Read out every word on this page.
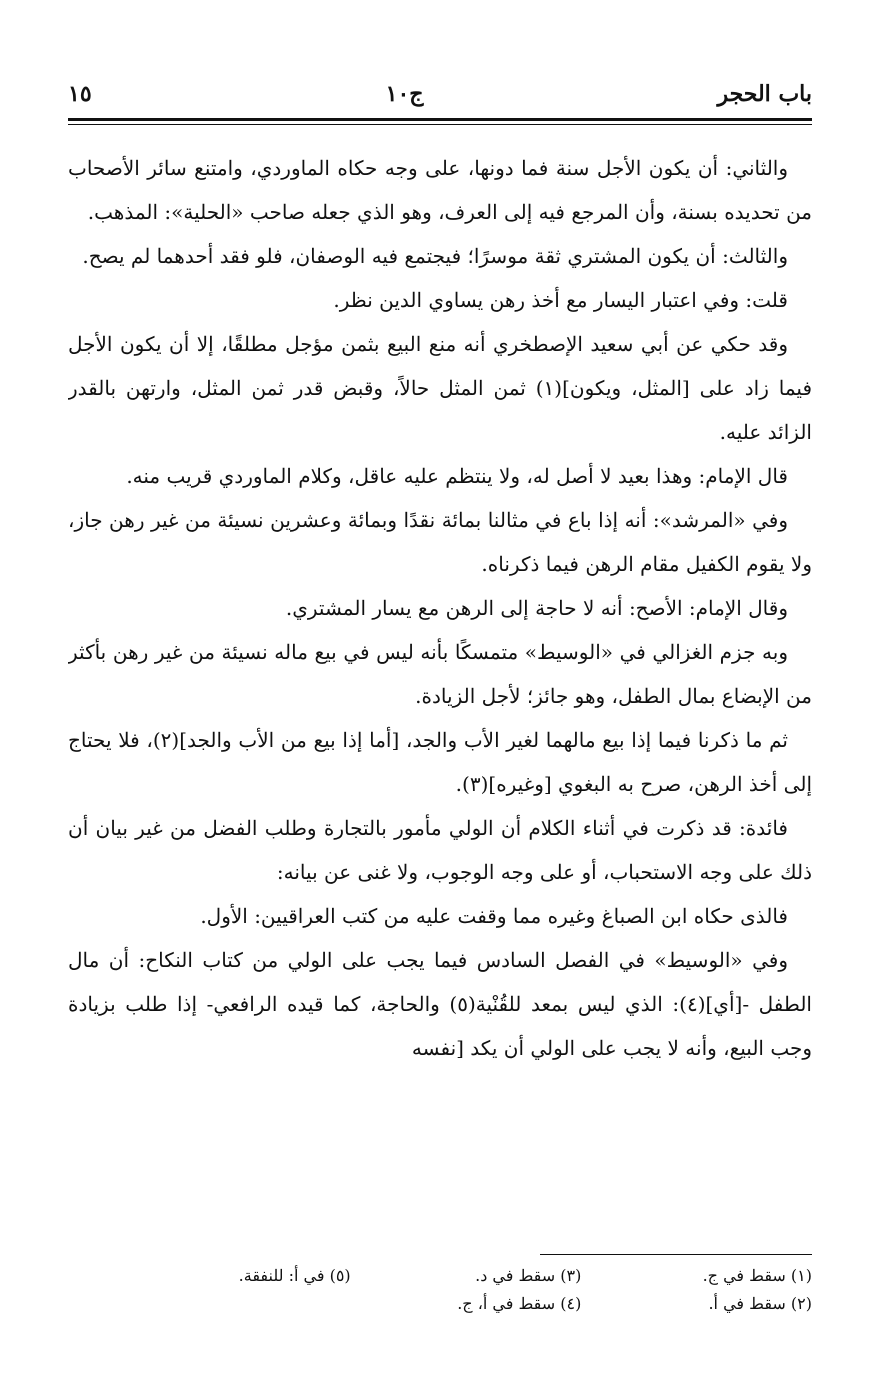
باب الحجر
ج١٠
١٥

والثاني: أن يكون الأجل سنة فما دونها، على وجه حكاه الماوردي، وامتنع سائر الأصحاب من تحديده بسنة، وأن المرجع فيه إلى العرف، وهو الذي جعله صاحب «الحلية»: المذهب.

والثالث: أن يكون المشتري ثقة موسرًا؛ فيجتمع فيه الوصفان، فلو فقد أحدهما لم يصح.

قلت: وفي اعتبار اليسار مع أخذ رهن يساوي الدين نظر.

وقد حكي عن أبي سعيد الإصطخري أنه منع البيع بثمن مؤجل مطلقًا، إلا أن يكون الأجل فيما زاد على [المثل، ويكون](١) ثمن المثل حالاً، وقبض قدر ثمن المثل، وارتهن بالقدر الزائد عليه.

قال الإمام: وهذا بعيد لا أصل له، ولا ينتظم عليه عاقل، وكلام الماوردي قريب منه.

وفي «المرشد»: أنه إذا باع في مثالنا بمائة نقدًا وبمائة وعشرين نسيئة من غير رهن جاز، ولا يقوم الكفيل مقام الرهن فيما ذكرناه.

وقال الإمام: الأصح: أنه لا حاجة إلى الرهن مع يسار المشتري.

وبه جزم الغزالي في «الوسيط» متمسكًا بأنه ليس في بيع ماله نسيئة من غير رهن بأكثر من الإبضاع بمال الطفل، وهو جائز؛ لأجل الزيادة.

ثم ما ذكرنا فيما إذا بيع مالهما لغير الأب والجد، [أما إذا بيع من الأب والجد](٢)، فلا يحتاج إلى أخذ الرهن، صرح به البغوي [وغيره](٣).

فائدة: قد ذكرت في أثناء الكلام أن الولي مأمور بالتجارة وطلب الفضل من غير بيان أن ذلك على وجه الاستحباب، أو على وجه الوجوب، ولا غنى عن بيانه:

فالذى حكاه ابن الصباغ وغيره مما وقفت عليه من كتب العراقيين: الأول.

وفي «الوسيط» في الفصل السادس فيما يجب على الولي من كتاب النكاح: أن مال الطفل -[أي](٤): الذي ليس بمعد للقُنْية(٥) والحاجة، كما قيده الرافعي- إذا طلب بزيادة وجب البيع، وأنه لا يجب على الولي أن يكد [نفسه

(١) سقط في ج.
(٢) سقط في أ.
(٣) سقط في د.
(٤) سقط في أ، ج.
(٥) في أ: للنفقة.
